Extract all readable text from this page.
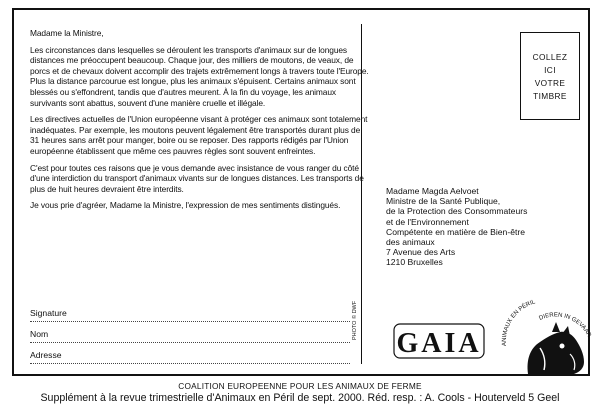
Madame la Ministre,

Les circonstances dans lesquelles se déroulent les transports d'animaux sur de longues distances me préoccupent beaucoup. Chaque jour, des milliers de moutons, de veaux, de porcs et de chevaux doivent accomplir des trajets extrêmement longs à travers toute l'Europe. Plus la distance parcourue est longue, plus les animaux s'épuisent. Certains animaux sont blessés ou s'effondrent, tandis que d'autres meurent. À la fin du voyage, les animaux survivants sont abattus, souvent d'une manière cruelle et illégale.

Les directives actuelles de l'Union européenne visant à protéger ces animaux sont totalement inadéquates. Par exemple, les moutons peuvent légalement être transportés durant plus de 31 heures sans arrêt pour manger, boire ou se reposer. Des rapports rédigés par l'Union européenne établissent que même ces pauvres règles sont souvent enfreintes.

C'est pour toutes ces raisons que je vous demande avec insistance de vous ranger du côté d'une interdiction du transport d'animaux vivants sur de longues distances. Les transports de plus de huit heures devraient être interdits.

Je vous prie d'agréer, Madame la Ministre, l'expression de mes sentiments distingués.

Signature
Nom
Adresse
PHOTO © DWF
COLLEZ
ICI
VOTRE
TIMBRE
Madame Magda Aelvoet
Ministre de la Santé Publique,
de la Protection des Consommateurs
et de l'Environnement
Compétente en matière de Bien-être
des animaux
7 Avenue des Arts
1210 Bruxelles
GAIA	ANIMAUX EN PÉRIL
DIEREN IN GEVAAR
COALITION EUROPEENNE POUR LES ANIMAUX DE FERME
Supplément à la revue trimestrielle d'Animaux en Péril de sept. 2000. Réd. resp. : A. Cools - Houterveld 5 Geel
